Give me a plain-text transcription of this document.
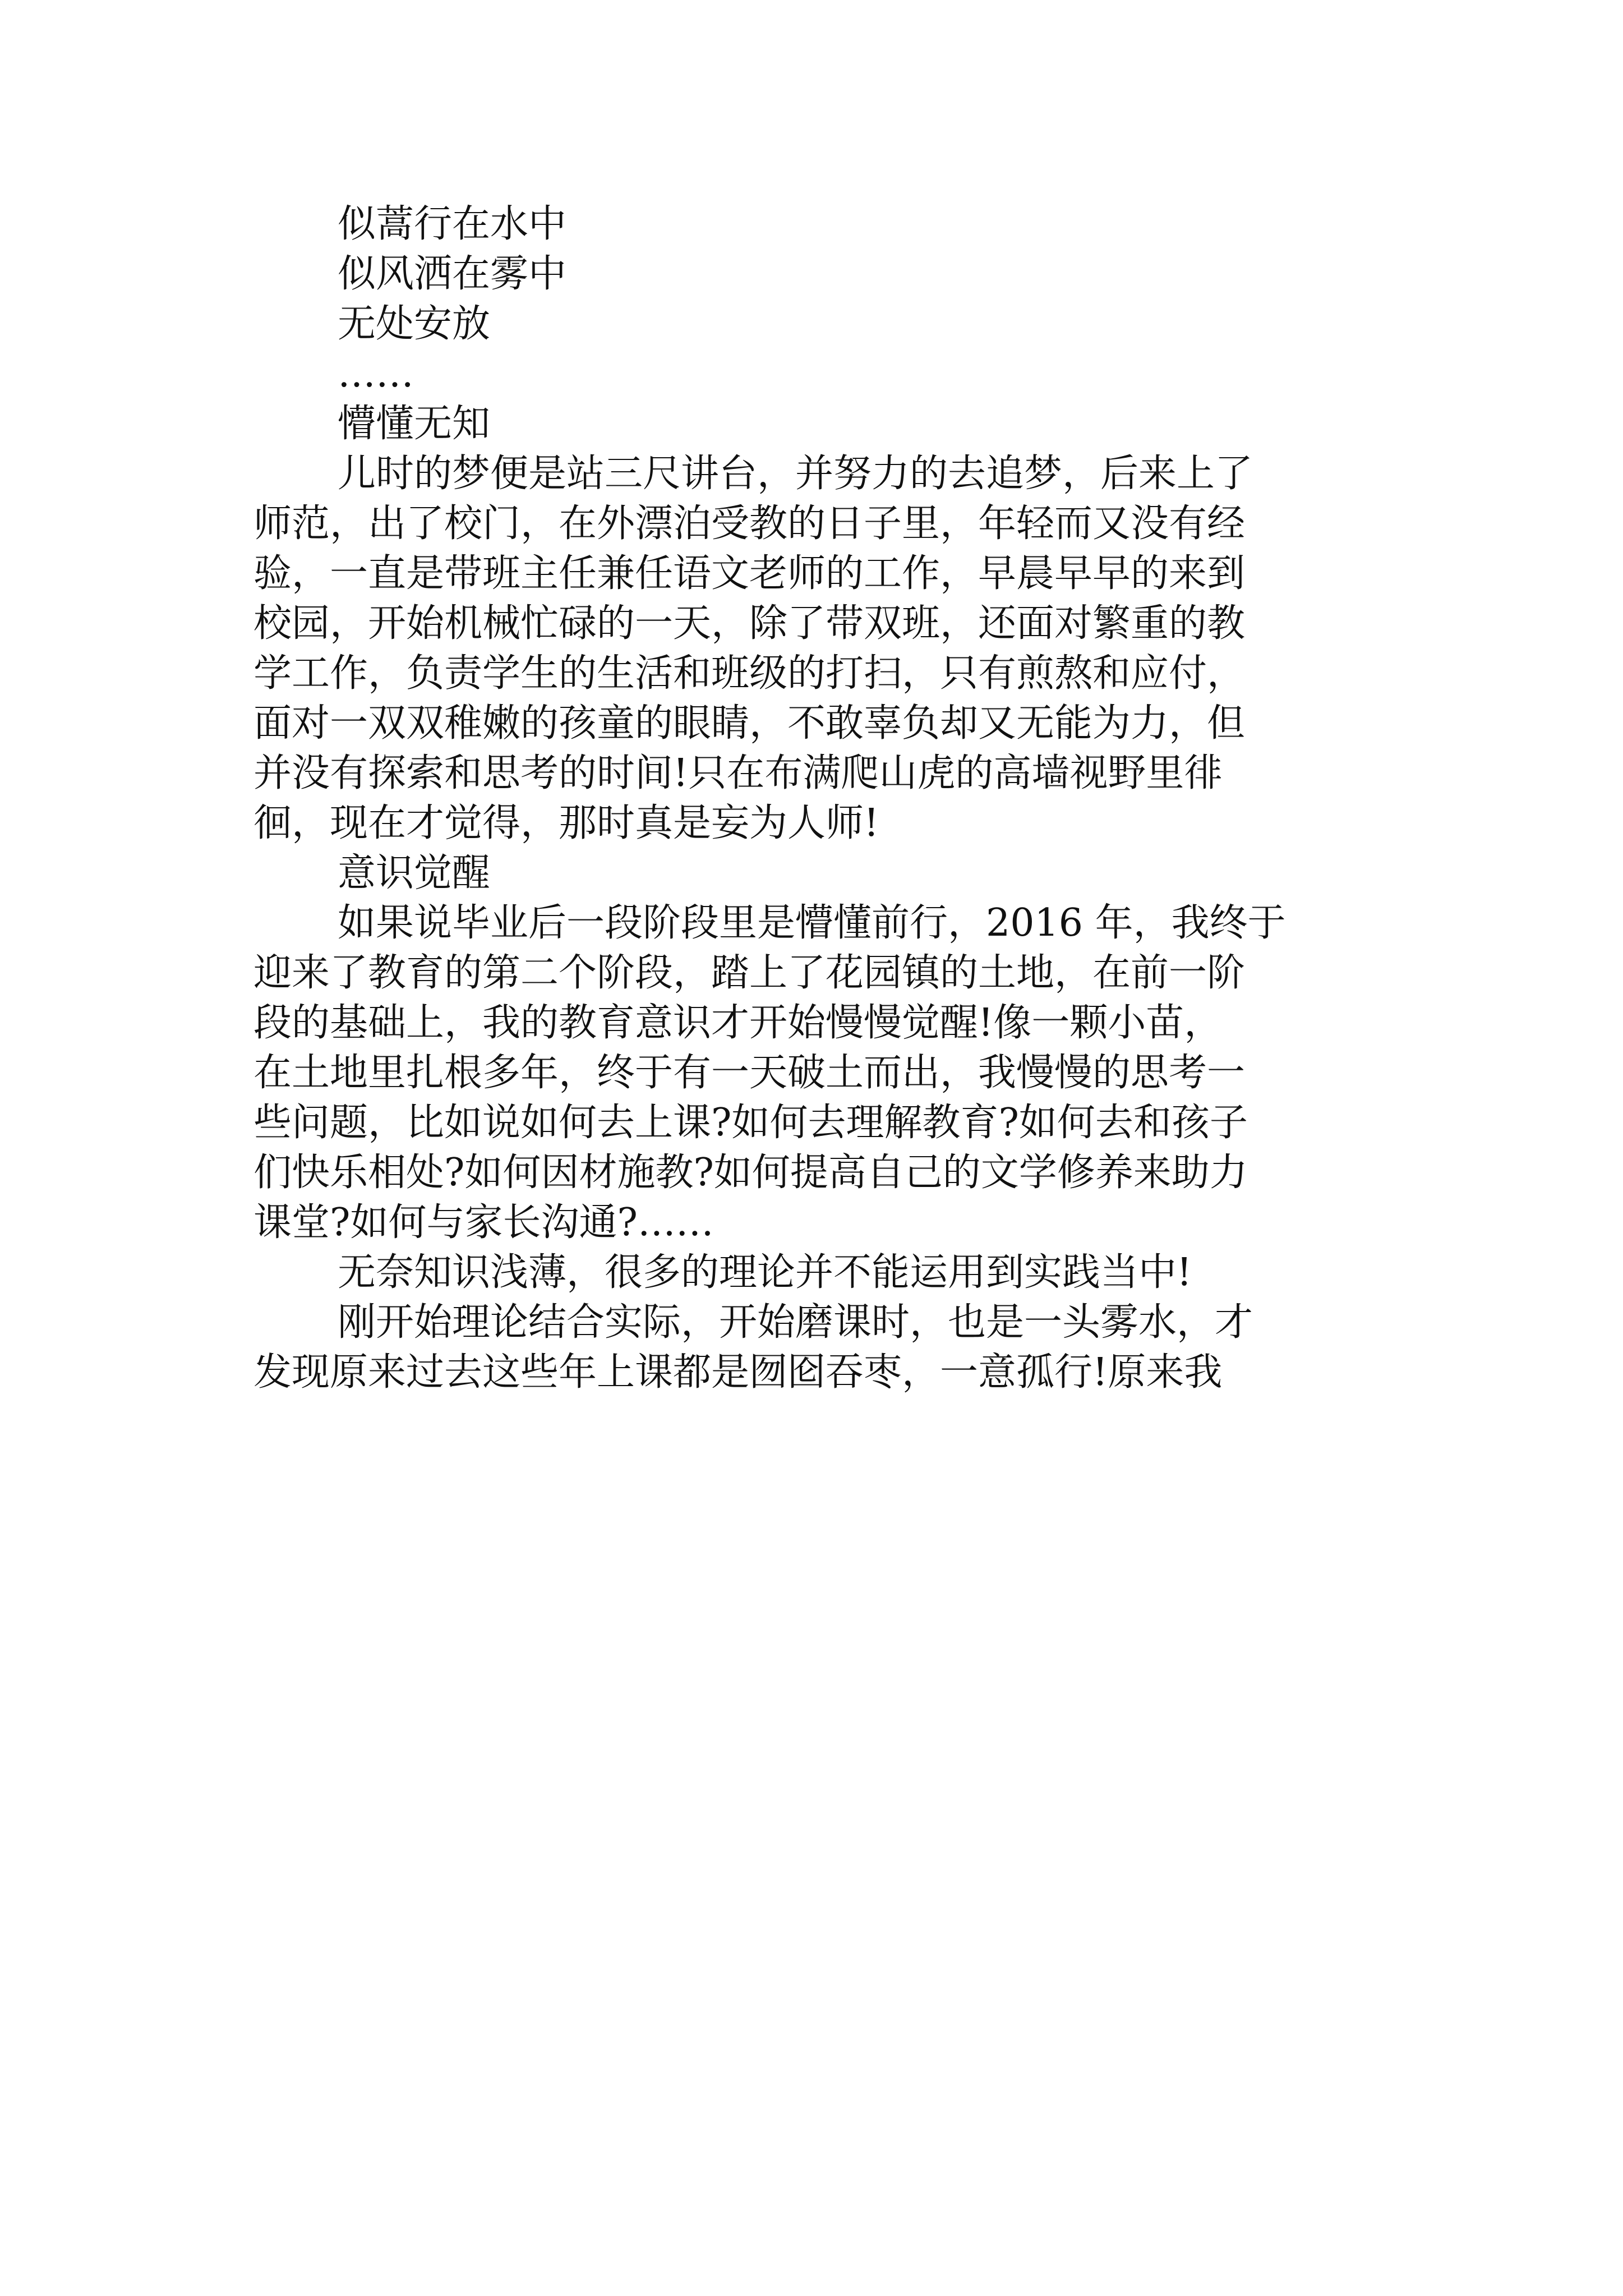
似蒿行在水中
似风洒在雾中
无处安放
……
懵懂无知
儿时的梦便是站三尺讲台，并努力的去追梦，后来上了
师范，出了校门，在外漂泊受教的日子里，年轻而又没有经
验，一直是带班主任兼任语文老师的工作，早晨早早的来到
校园，开始机械忙碌的一天，除了带双班，还面对繁重的教
学工作，负责学生的生活和班级的打扫，只有煎熬和应付，
面对一双双稚嫩的孩童的眼睛，不敢辜负却又无能为力，但
并没有探索和思考的时间!只在布满爬山虎的高墙视野里徘
徊，现在才觉得，那时真是妄为人师!
意识觉醒
如果说毕业后一段阶段里是懵懂前行，2016 年，我终于
迎来了教育的第二个阶段，踏上了花园镇的土地，在前一阶
段的基础上，我的教育意识才开始慢慢觉醒!像一颗小苗，
在土地里扎根多年，终于有一天破土而出，我慢慢的思考一
些问题，比如说如何去上课?如何去理解教育?如何去和孩子
们快乐相处?如何因材施教?如何提高自己的文学修养来助力
课堂?如何与家长沟通?……
无奈知识浅薄，很多的理论并不能运用到实践当中!
刚开始理论结合实际，开始磨课时，也是一头雾水，才
发现原来过去这些年上课都是囫囵吞枣，一意孤行!原来我
